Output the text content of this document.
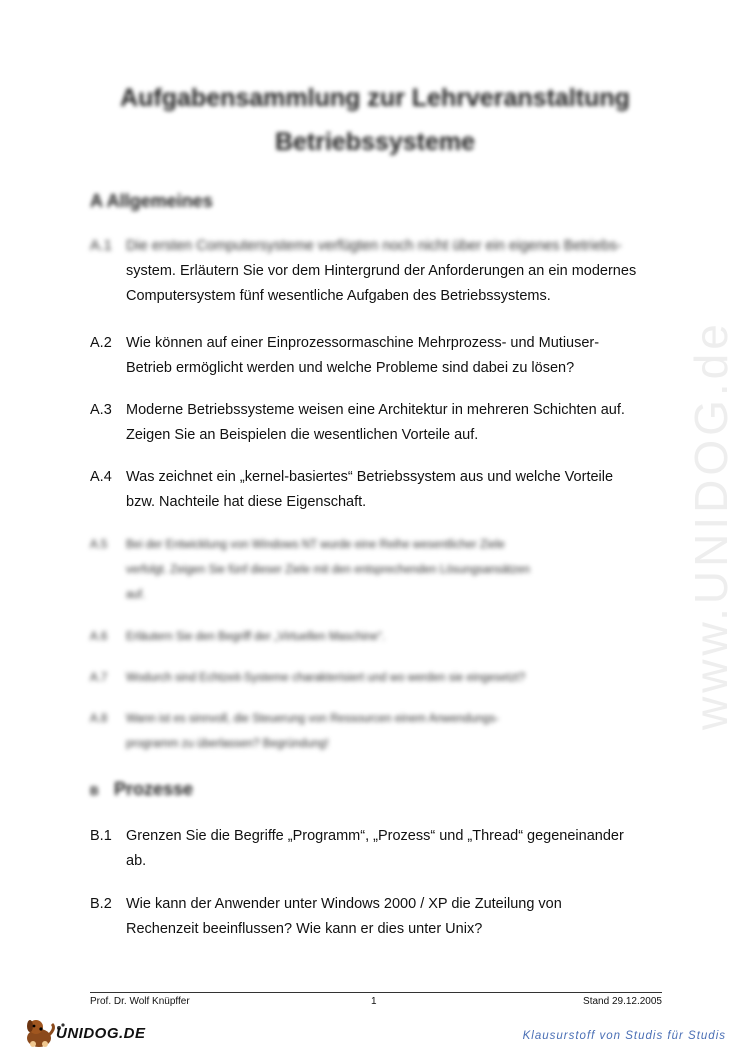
Aufgabensammlung zur Lehrveranstaltung
Betriebssysteme
A Allgemeines
A.1 Die ersten Computersysteme verfügten noch nicht über ein eigenes Betriebs-
system. Erläutern Sie vor dem Hintergrund der Anforderungen an ein modernes
Computersystem fünf wesentliche Aufgaben des Betriebssystems.
A.2 Wie können auf einer Einprozessormaschine Mehrprozess- und Mutiuser-
Betrieb ermöglicht werden und welche Probleme sind dabei zu lösen?
A.3 Moderne Betriebssysteme weisen eine Architektur in mehreren Schichten auf.
Zeigen Sie an Beispielen die wesentlichen Vorteile auf.
A.4 Was zeichnet ein „kernel-basiertes“ Betriebssystem aus und welche Vorteile
bzw. Nachteile hat diese Eigenschaft.
A.5	Bei der Entwicklung von Windows NT wurde eine Reihe wesentlicher Ziele
verfolgt. Zeigen Sie fünf dieser Ziele mit den entsprechenden Lösungsansätzen
auf.
A.6	Erläutern Sie den Begriff der „Virtuellen Maschine“.
A.7	Wodurch sind Echtzeit-Systeme charakterisiert und wo werden sie eingesetzt?
A.8	Wann ist es sinnvoll, die Steuerung von Ressourcen einem Anwendungs-
programm zu überlassen? Begründung!
B Prozesse
B.1 Grenzen Sie die Begriffe „Programm“, „Prozess“ und „Thread“ gegeneinander
ab.
B.2 Wie kann der Anwender unter Windows 2000 / XP die Zuteilung von
Rechenzeit beeinflussen? Wie kann er dies unter Unix?
www.UNIDOG.de
Prof. Dr. Wolf Knüpffer	1	Stand 29.12.2005
UNIDOG.DE	Klausurstoff von Studis für Studis
